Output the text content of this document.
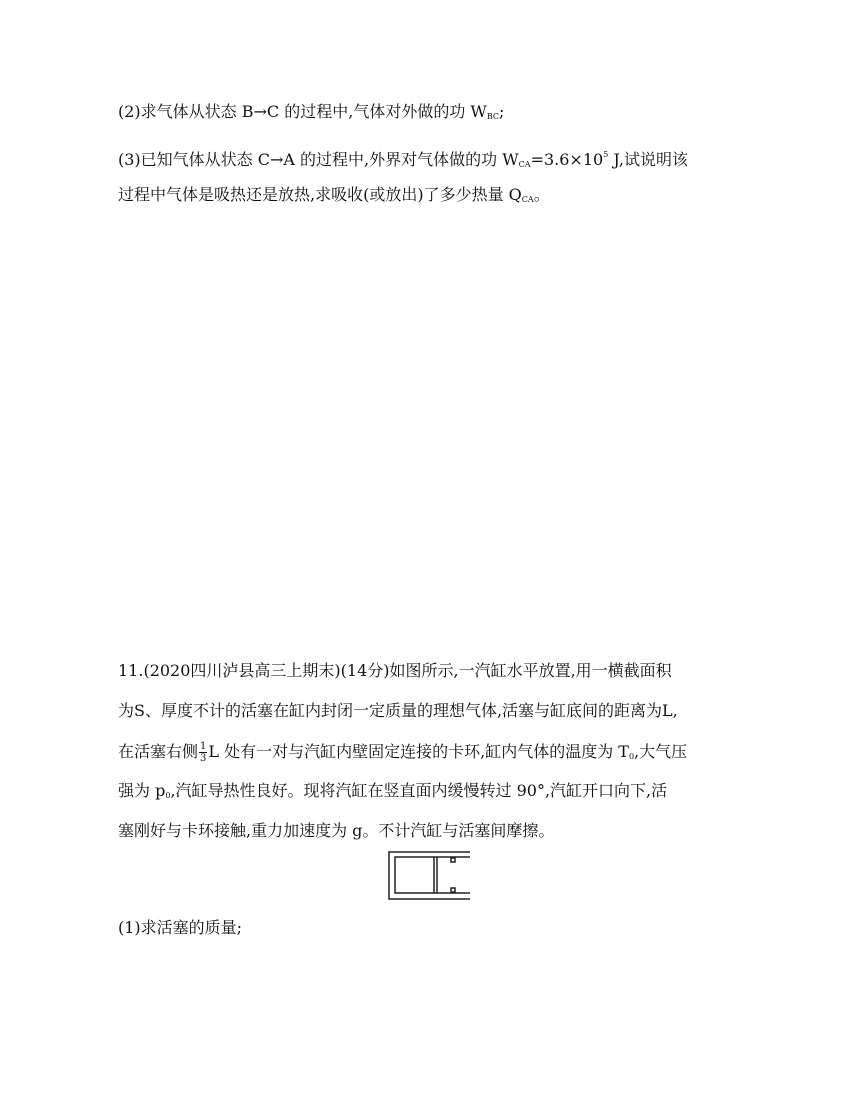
(2)求气体从状态 B→C 的过程中,气体对外做的功 $W_{BC}$;
(3)已知气体从状态 C→A 的过程中,外界对气体做的功 $W_{CA}=3.6\times 10^5$ J,试说明该
过程中气体是吸热还是放热,求吸收(或放出)了多少热量 $Q_{CA}$。
11.(2020四川泸县高三上期末)(14分)如图所示,一汽缸水平放置,用一横截面积
为S、厚度不计的活塞在缸内封闭一定质量的理想气体,活塞与缸底间的距离为L,
在活塞右侧 $\frac{1}{3}$ L 处有一对与汽缸内壁固定连接的卡环,缸内气体的温度为 $T_0$,大气压
强为 $p_0$,汽缸导热性良好。现将汽缸在竖直面内缓慢转过 90°,汽缸开口向下,活
塞刚好与卡环接触,重力加速度为 g。不计汽缸与活塞间摩擦。
(1)求活塞的质量;
